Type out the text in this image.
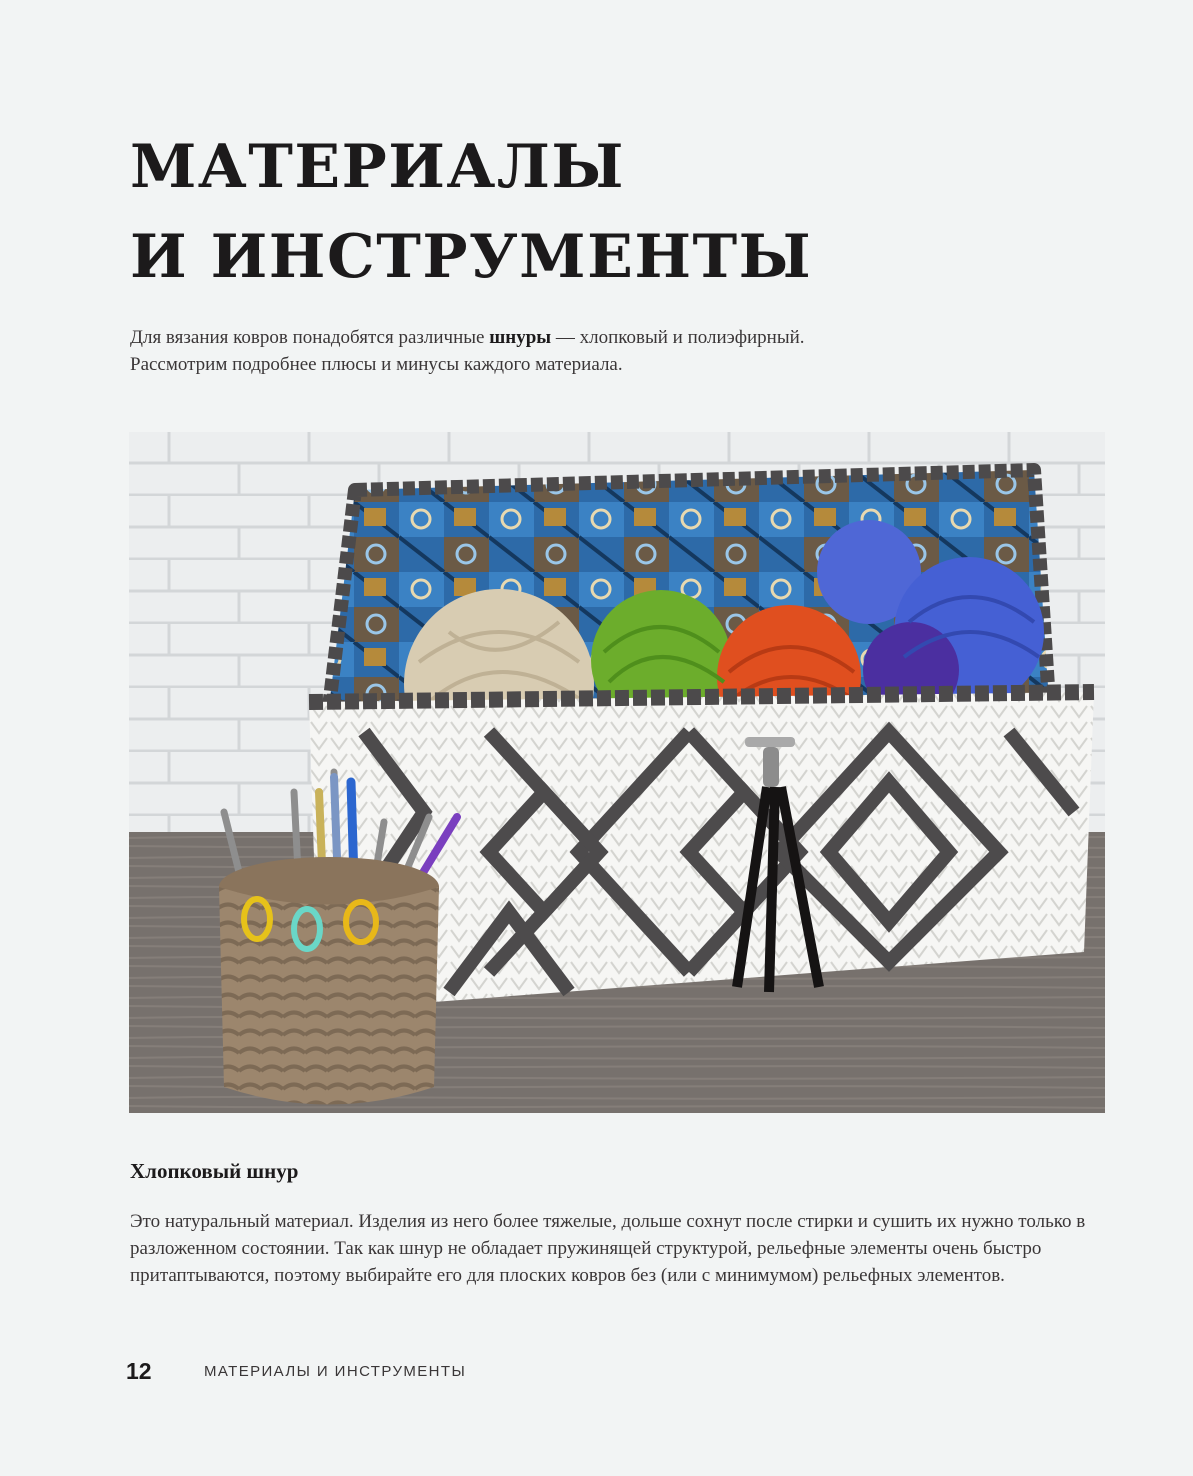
МАТЕРИАЛЫ
И ИНСТРУМЕНТЫ

Для вязания ковров понадобятся различные шнуры — хлопковый и полиэфирный.
Рассмотрим подробнее плюсы и минусы каждого материала.

Хлопковый шнур

Это натуральный материал. Изделия из него более тяжелые, дольше сохнут после стирки и сушить их нужно только в разложенном состоянии. Так как шнур не обладает пружинящей структурой, рельефные элементы очень быстро притаптываются, поэтому выбирайте его для плоских ковров без (или с минимумом) рельефных элементов.

12	МАТЕРИАЛЫ И ИНСТРУМЕНТЫ
